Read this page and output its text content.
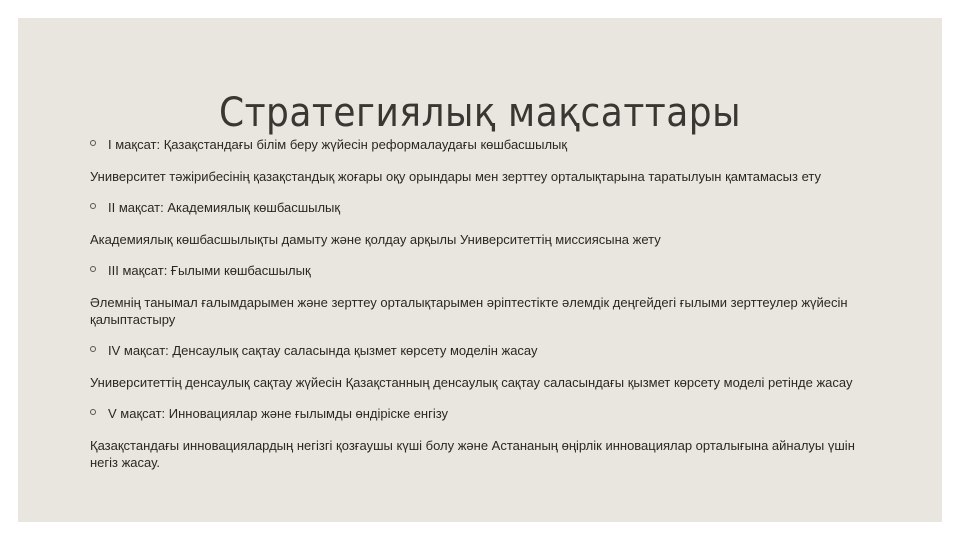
Стратегиялық мақсаттары
I мақсат: Қазақстандағы білім беру жүйесін реформалаудағы көшбасшылық
Университет тәжірибесінің қазақстандық жоғары оқу орындары мен зерттеу орталықтарына таратылуын қамтамасыз ету
II мақсат: Академиялық көшбасшылық
Академиялық көшбасшылықты дамыту және қолдау арқылы Университеттің миссиясына жету
III мақсат: Ғылыми көшбасшылық
Әлемнің танымал ғалымдарымен және зерттеу орталықтарымен әріптестікте әлемдік деңгейдегі ғылыми зерттеулер жүйесін қалыптастыру
IV мақсат: Денсаулық сақтау саласында қызмет көрсету моделін жасау
Университеттің денсаулық сақтау жүйесін Қазақстанның денсаулық сақтау саласындағы қызмет көрсету моделі ретінде жасау
V мақсат: Инновациялар және ғылымды өндіріске енгізу
Қазақстандағы инновациялардың негізгі қозғаушы күші болу және Астананың өңірлік инновациялар орталығына айналуы үшін негіз жасау.
